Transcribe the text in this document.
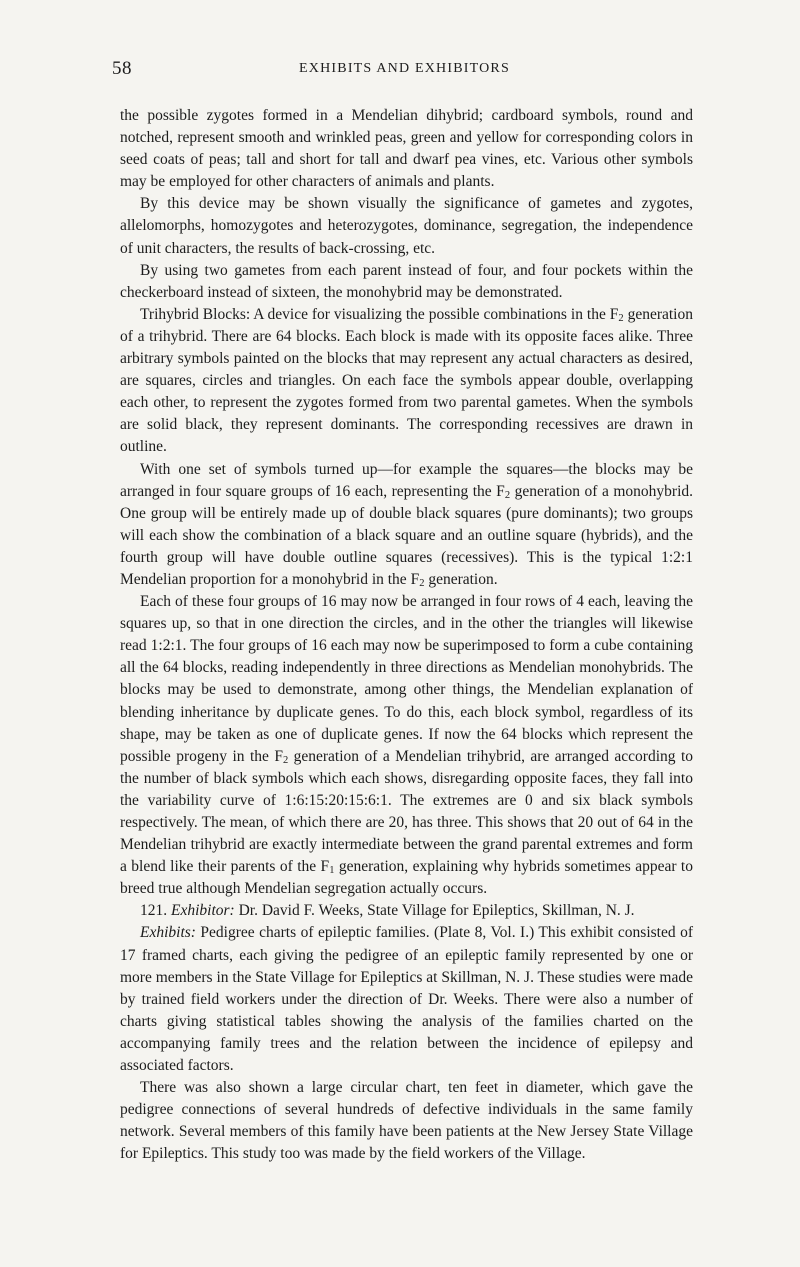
58	EXHIBITS AND EXHIBITORS

the possible zygotes formed in a Mendelian dihybrid; cardboard symbols, round and notched, represent smooth and wrinkled peas, green and yellow for corresponding colors in seed coats of peas; tall and short for tall and dwarf pea vines, etc. Various other symbols may be employed for other characters of animals and plants.

By this device may be shown visually the significance of gametes and zygotes, allelomorphs, homozygotes and heterozygotes, dominance, segregation, the independence of unit characters, the results of back-crossing, etc.

By using two gametes from each parent instead of four, and four pockets within the checkerboard instead of sixteen, the monohybrid may be demonstrated.

Trihybrid Blocks: A device for visualizing the possible combinations in the $F_2$ generation of a trihybrid. There are 64 blocks. Each block is made with its opposite faces alike. Three arbitrary symbols painted on the blocks that may represent any actual characters as desired, are squares, circles and triangles. On each face the symbols appear double, overlapping each other, to represent the zygotes formed from two parental gametes. When the symbols are solid black, they represent dominants. The corresponding recessives are drawn in outline.

With one set of symbols turned up—for example the squares—the blocks may be arranged in four square groups of 16 each, representing the $F_2$ generation of a monohybrid. One group will be entirely made up of double black squares (pure dominants); two groups will each show the combination of a black square and an outline square (hybrids), and the fourth group will have double outline squares (recessives). This is the typical 1:2:1 Mendelian proportion for a monohybrid in the $F_2$ generation.

Each of these four groups of 16 may now be arranged in four rows of 4 each, leaving the squares up, so that in one direction the circles, and in the other the triangles will likewise read 1:2:1. The four groups of 16 each may now be superimposed to form a cube containing all the 64 blocks, reading independently in three directions as Mendelian monohybrids. The blocks may be used to demonstrate, among other things, the Mendelian explanation of blending inheritance by duplicate genes. To do this, each block symbol, regardless of its shape, may be taken as one of duplicate genes. If now the 64 blocks which represent the possible progeny in the $F_2$ generation of a Mendelian trihybrid, are arranged according to the number of black symbols which each shows, disregarding opposite faces, they fall into the variability curve of 1:6:15:20:15:6:1. The extremes are 0 and six black symbols respectively. The mean, of which there are 20, has three. This shows that 20 out of 64 in the Mendelian trihybrid are exactly intermediate between the grand parental extremes and form a blend like their parents of the $F_1$ generation, explaining why hybrids sometimes appear to breed true although Mendelian segregation actually occurs.

121. Exhibitor: Dr. David F. Weeks, State Village for Epileptics, Skillman, N. J.

Exhibits: Pedigree charts of epileptic families. (Plate 8, Vol. I.) This exhibit consisted of 17 framed charts, each giving the pedigree of an epileptic family represented by one or more members in the State Village for Epileptics at Skillman, N. J. These studies were made by trained field workers under the direction of Dr. Weeks. There were also a number of charts giving statistical tables showing the analysis of the families charted on the accompanying family trees and the relation between the incidence of epilepsy and associated factors.

There was also shown a large circular chart, ten feet in diameter, which gave the pedigree connections of several hundreds of defective individuals in the same family network. Several members of this family have been patients at the New Jersey State Village for Epileptics. This study too was made by the field workers of the Village.
